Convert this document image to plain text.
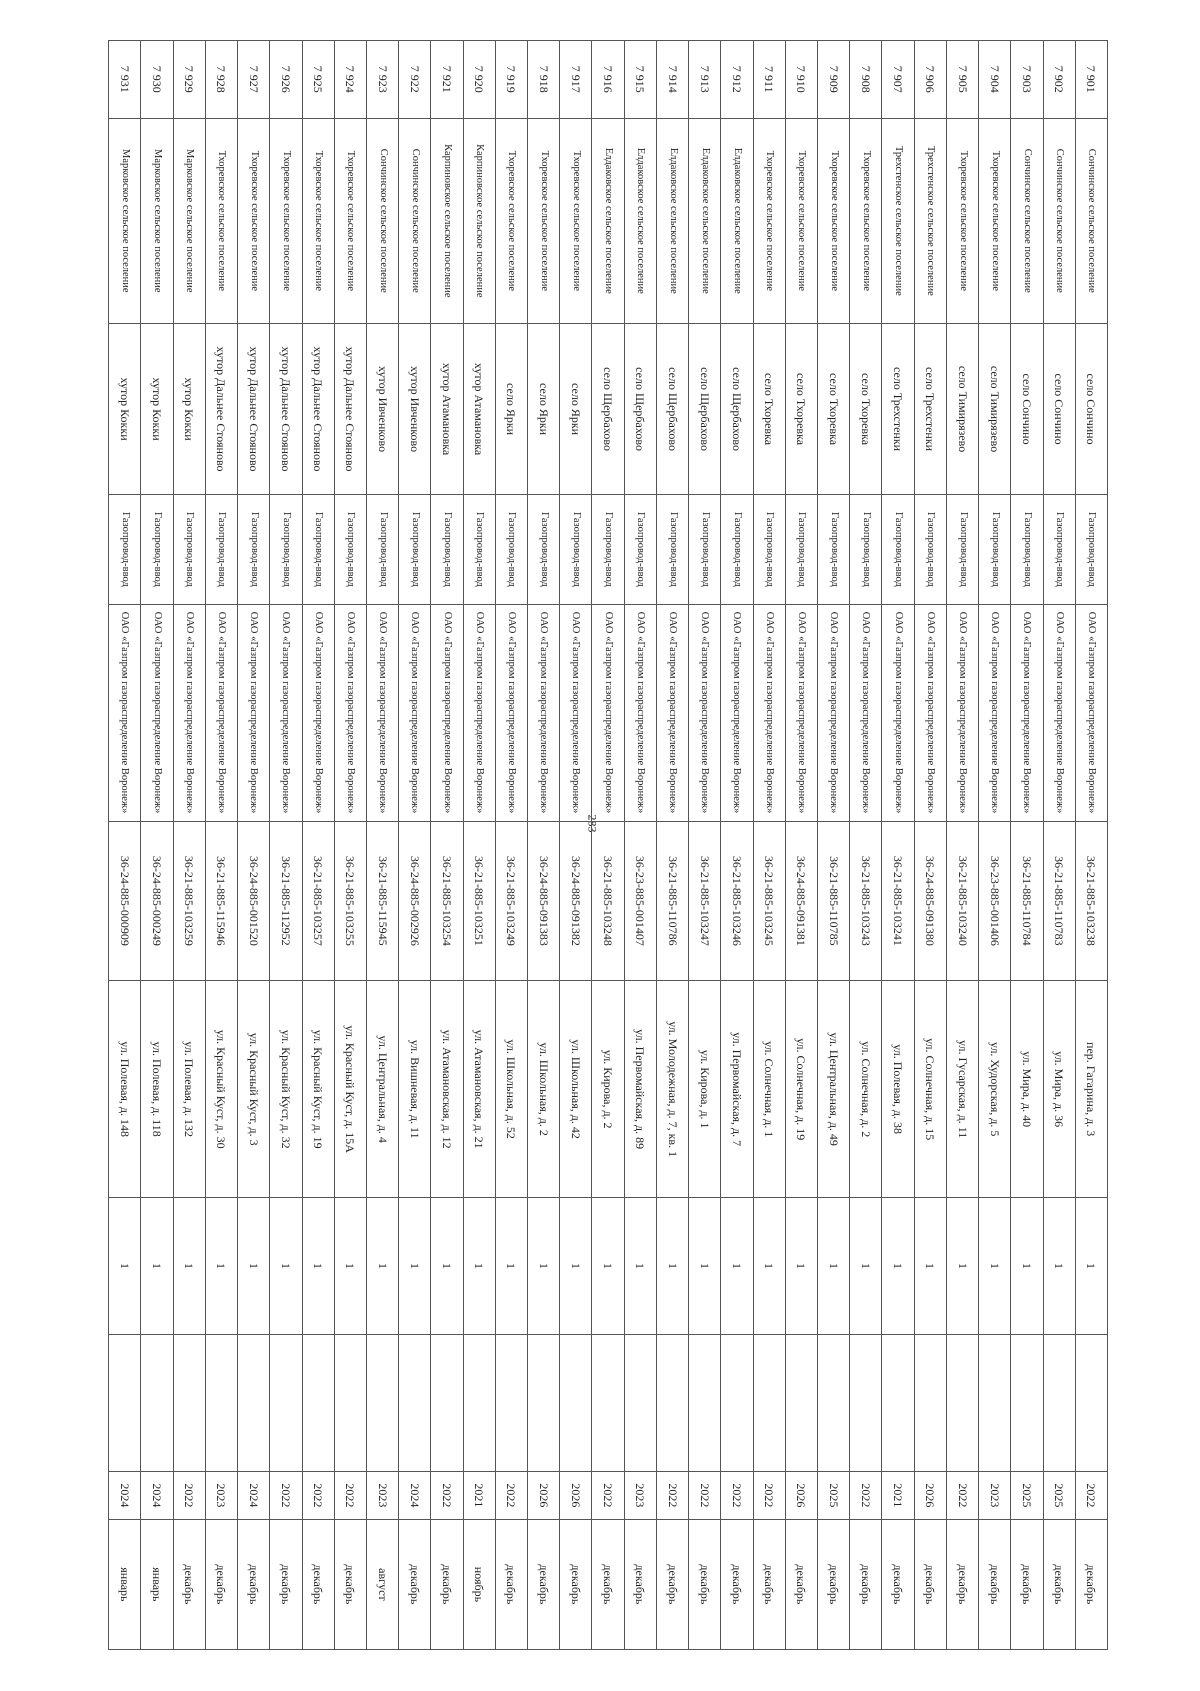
283
7 901	Сончинское сельское поселение	село Сончино	Газопровод-ввод	ОАО «Газпром газораспределение Воронеж»	36-21-885-103238	пер. Гагарина, д. 3	1		2022	декабрь
7 902	Сончинское сельское поселение	село Сончино	Газопровод-ввод	ОАО «Газпром газораспределение Воронеж»	36-21-885-110783	ул. Мира, д. 36	1		2025	декабрь
7 903	Сончинское сельское поселение	село Сончино	Газопровод-ввод	ОАО «Газпром газораспределение Воронеж»	36-21-885-110784	ул. Мира, д. 40	1		2025	декабрь
7 904	Тхоревское сельское поселение	село Тимирязево	Газопровод-ввод	ОАО «Газпром газораспределение Воронеж»	36-23-885-001406	ул. Худорская, д. 5	1		2023	декабрь
7 905	Тхоревское сельское поселение	село Тимирязево	Газопровод-ввод	ОАО «Газпром газораспределение Воронеж»	36-21-885-103240	ул. Гусарская, д. 11	1		2022	декабрь
7 906	Трехстенское сельское поселение	село Трехстенки	Газопровод-ввод	ОАО «Газпром газораспределение Воронеж»	36-24-885-091380	ул. Солнечная, д. 15	1		2026	декабрь
7 907	Трехстенское сельское поселение	село Трехстенки	Газопровод-ввод	ОАО «Газпром газораспределение Воронеж»	36-21-885-103241	ул. Полевая, д. 38	1		2021	декабрь
7 908	Тхоревское сельское поселение	село Тхоревка	Газопровод-ввод	ОАО «Газпром газораспределение Воронеж»	36-21-885-103243	ул. Солнечная, д. 2	1		2022	декабрь
7 909	Тхоревское сельское поселение	село Тхоревка	Газопровод-ввод	ОАО «Газпром газораспределение Воронеж»	36-21-885-110785	ул. Центральная, д. 49	1		2025	декабрь
7 910	Тхоревское сельское поселение	село Тхоревка	Газопровод-ввод	ОАО «Газпром газораспределение Воронеж»	36-24-885-091381	ул. Солнечная, д. 19	1		2026	декабрь
7 911	Тхоревское сельское поселение	село Тхоревка	Газопровод-ввод	ОАО «Газпром газораспределение Воронеж»	36-21-885-103245	ул. Солнечная, д. 1	1		2022	декабрь
7 912	Елдаковское сельское поселение	село Щербахово	Газопровод-ввод	ОАО «Газпром газораспределение Воронеж»	36-21-885-103246	ул. Первомайская, д. 7	1		2022	декабрь
7 913	Елдаковское сельское поселение	село Щербахово	Газопровод-ввод	ОАО «Газпром газораспределение Воронеж»	36-21-885-103247	ул. Кирова, д. 1	1		2022	декабрь
7 914	Елдаковское сельское поселение	село Щербахово	Газопровод-ввод	ОАО «Газпром газораспределение Воронеж»	36-21-885-110786	ул. Молодежная, д. 7, кв. 1	1		2022	декабрь
7 915	Елдаковское сельское поселение	село Щербахово	Газопровод-ввод	ОАО «Газпром газораспределение Воронеж»	36-23-885-001407	ул. Первомайская, д. 89	1		2023	декабрь
7 916	Елдаковское сельское поселение	село Щербахово	Газопровод-ввод	ОАО «Газпром газораспределение Воронеж»	36-21-885-103248	ул. Кирова, д. 2	1		2022	декабрь
7 917	Тхоревское сельское поселение	село Ярки	Газопровод-ввод	ОАО «Газпром газораспределение Воронеж»	36-24-885-091382	ул. Школьная, д. 42	1		2026	декабрь
7 918	Тхоревское сельское поселение	село Ярки	Газопровод-ввод	ОАО «Газпром газораспределение Воронеж»	36-24-885-091383	ул. Школьная, д. 2	1		2026	декабрь
7 919	Тхоревское сельское поселение	село Ярки	Газопровод-ввод	ОАО «Газпром газораспределение Воронеж»	36-21-885-103249	ул. Школьная, д. 52	1		2022	декабрь
7 920	Карпиновское сельское поселение	хутор Атамановка	Газопровод-ввод	ОАО «Газпром газораспределение Воронеж»	36-21-885-103251	ул. Атамановская, д. 21	1		2021	ноябрь
7 921	Карпиновское сельское поселение	хутор Атамановка	Газопровод-ввод	ОАО «Газпром газораспределение Воронеж»	36-21-885-103254	ул. Атамановская, д. 12	1		2022	декабрь
7 922	Сончинское сельское поселение	хутор Ивченково	Газопровод-ввод	ОАО «Газпром газораспределение Воронеж»	36-24-885-002926	ул. Вишневая, д. 11	1		2024	декабрь
7 923	Сончинское сельское поселение	хутор Ивченково	Газопровод-ввод	ОАО «Газпром газораспределение Воронеж»	36-21-885-115945	ул. Центральная, д. 4	1		2023	август
7 924	Тхоревское сельское поселение	хутор Дальнее Стояново	Газопровод-ввод	ОАО «Газпром газораспределение Воронеж»	36-21-885-103255	ул. Красный Куст, д. 15А	1		2022	декабрь
7 925	Тхоревское сельское поселение	хутор Дальнее Стояново	Газопровод-ввод	ОАО «Газпром газораспределение Воронеж»	36-21-885-103257	ул. Красный Куст, д. 19	1		2022	декабрь
7 926	Тхоревское сельское поселение	хутор Дальнее Стояново	Газопровод-ввод	ОАО «Газпром газораспределение Воронеж»	36-21-885-112952	ул. Красный Куст, д. 32	1		2022	декабрь
7 927	Тхоревское сельское поселение	хутор Дальнее Стояново	Газопровод-ввод	ОАО «Газпром газораспределение Воронеж»	36-24-885-001520	ул. Красный Куст, д. 3	1		2024	декабрь
7 928	Тхоревское сельское поселение	хутор Дальнее Стояново	Газопровод-ввод	ОАО «Газпром газораспределение Воронеж»	36-21-885-115946	ул. Красный Куст, д. 30	1		2023	декабрь
7 929	Марковское сельское поселение	хутор Кокки	Газопровод-ввод	ОАО «Газпром газораспределение Воронеж»	36-21-885-103259	ул. Полевая, д. 132	1		2022	декабрь
7 930	Марковское сельское поселение	хутор Кокки	Газопровод-ввод	ОАО «Газпром газораспределение Воронеж»	36-24-885-000249	ул. Полевая, д. 118	1		2024	январь
7 931	Марковское сельское поселение	хутор Кокки	Газопровод-ввод	ОАО «Газпром газораспределение Воронеж»	36-24-885-000909	ул. Полевая, д. 148	1		2024	январь
